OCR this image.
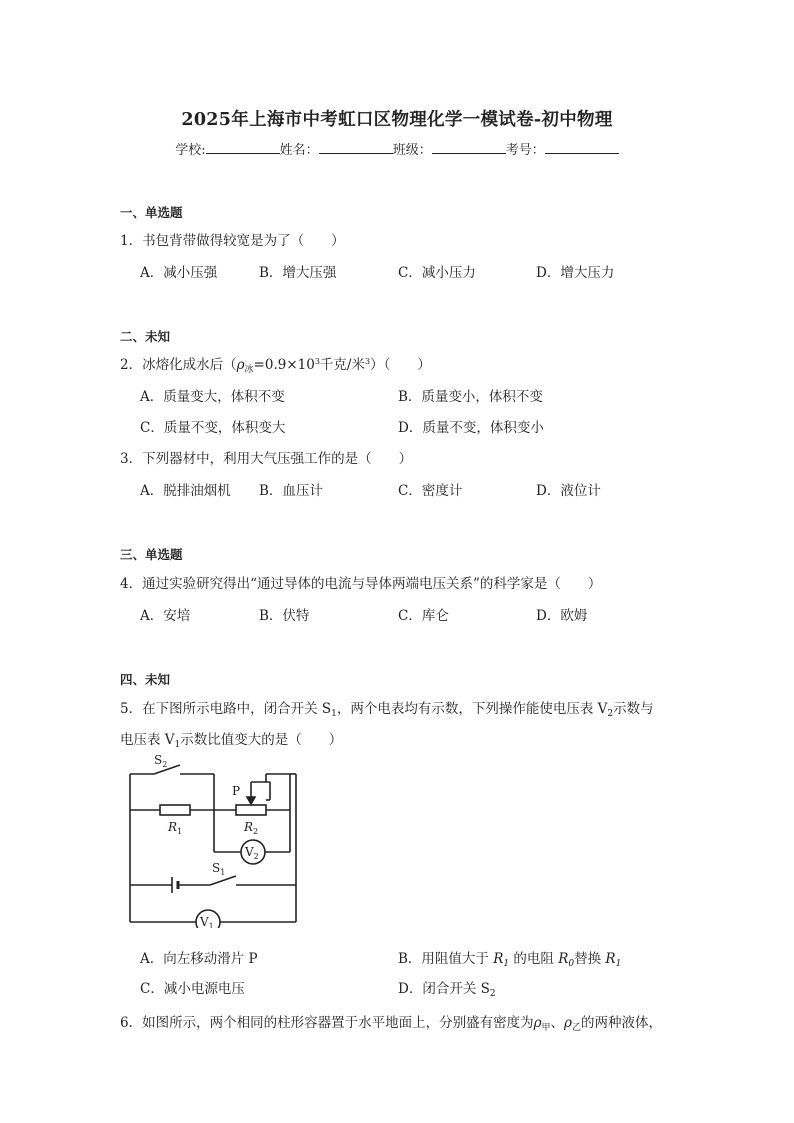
2025年上海市中考虹口区物理化学一模试卷-初中物理
学校:	姓名：	班级：	考号：
一、单选题
1．书包背带做得较宽是为了（　　）
A．减小压强	B．增大压强	C．减小压力	D．增大压力
二、未知
2．冰熔化成水后（$\rho_冰=0.9\times 10^3$千克/米$^3$）（　　）
A．质量变大，体积不变	B．质量变小，体积不变
C．质量不变，体积变大	D．质量不变，体积变小
3．下列器材中，利用大气压强工作的是（　　）
A．脱排油烟机 B．血压计	C．密度计	D．液位计
三、单选题
4．通过实验研究得出“通过导体的电流与导体两端电压关系”的科学家是（　　）
A．安培	B．伏特	C．库仑	D．欧姆
四、未知
5．在下图所示电路中，闭合开关 $S_1$，两个电表均有示数，下列操作能使电压表 $V_2$示数与
电压表 $V_1$示数比值变大的是（　　）
$S_2$
P
$R_1$	$R_2$
$V_2$
$S_1$
$V_1$
A．向左移动滑片 P	B．用阻值大于 $R_1$ 的电阻 $R_0$替换 $R_1$
C．减小电源电压	D．闭合开关 $S_2$
6．如图所示，两个相同的柱形容器置于水平地面上，分别盛有密度为$\rho_甲$、$\rho_乙$的两种液体，
